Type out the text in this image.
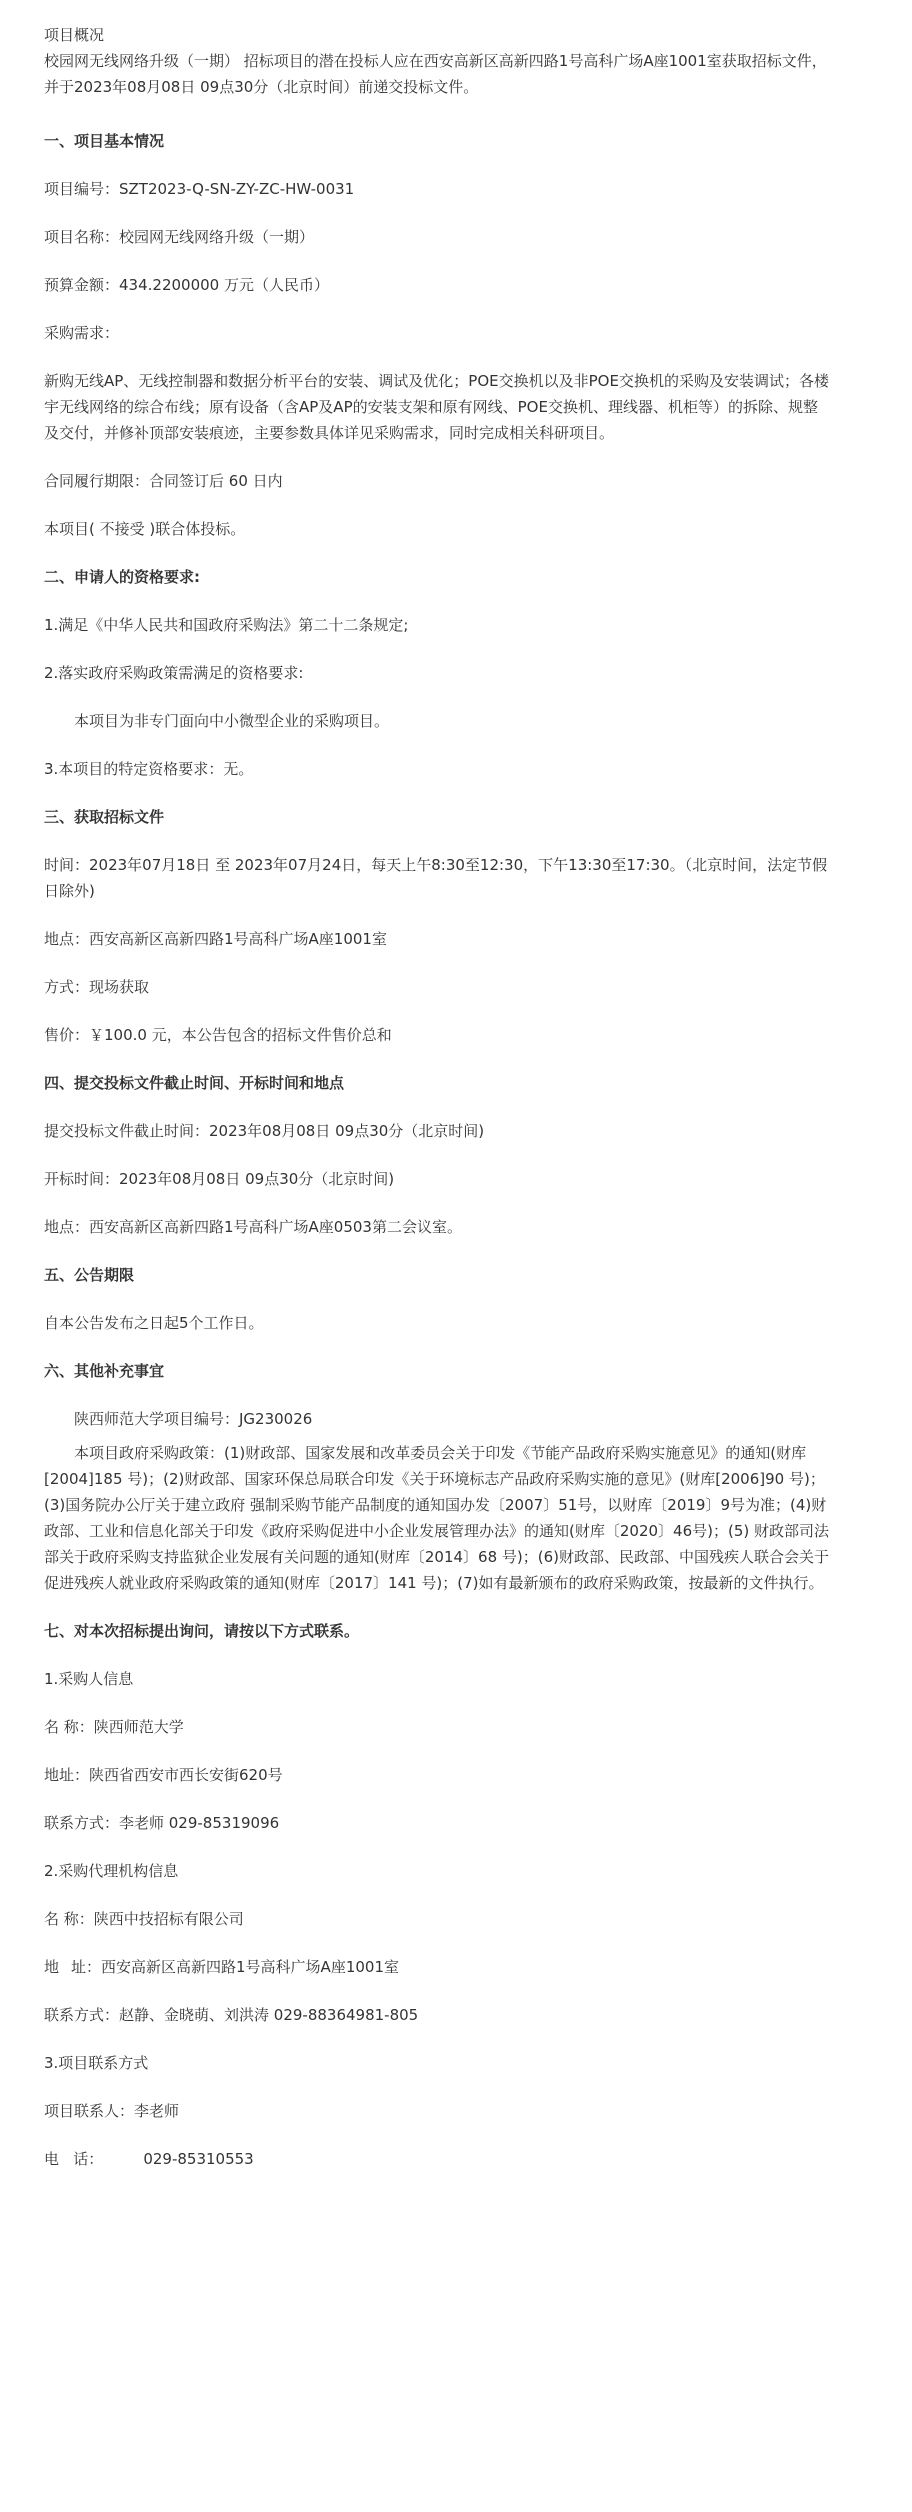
项目概况

校园网无线网络升级（一期） 招标项目的潜在投标人应在西安高新区高新四路1号高科广场A座1001室获取招标文件，并于2023年08月08日 09点30分（北京时间）前递交投标文件。

一、项目基本情况

项目编号：SZT2023-Q-SN-ZY-ZC-HW-0031

项目名称：校园网无线网络升级（一期）

预算金额：434.2200000 万元（人民币）

采购需求：

新购无线AP、无线控制器和数据分析平台的安装、调试及优化；POE交换机以及非POE交换机的采购及安装调试；各楼宇无线网络的综合布线；原有设备（含AP及AP的安装支架和原有网线、POE交换机、理线器、机柜等）的拆除、规整及交付，并修补顶部安装痕迹，主要参数具体详见采购需求，同时完成相关科研项目。

合同履行期限：合同签订后 60 日内

本项目( 不接受 )联合体投标。

二、申请人的资格要求:

1.满足《中华人民共和国政府采购法》第二十二条规定;

2.落实政府采购政策需满足的资格要求:

本项目为非专门面向中小微型企业的采购项目。

3.本项目的特定资格要求：无。

三、获取招标文件

时间：2023年07月18日 至 2023年07月24日，每天上午8:30至12:30，下午13:30至17:30。（北京时间，法定节假日除外)

地点：西安高新区高新四路1号高科广场A座1001室

方式：现场获取

售价：￥100.0 元，本公告包含的招标文件售价总和

四、提交投标文件截止时间、开标时间和地点

提交投标文件截止时间：2023年08月08日 09点30分（北京时间)

开标时间：2023年08月08日 09点30分（北京时间)

地点：西安高新区高新四路1号高科广场A座0503第二会议室。

五、公告期限

自本公告发布之日起5个工作日。

六、其他补充事宜

陕西师范大学项目编号：JG230026

本项目政府采购政策：(1)财政部、国家发展和改革委员会关于印发《节能产品政府采购实施意见》的通知(财库[2004]185 号)；(2)财政部、国家环保总局联合印发《关于环境标志产品政府采购实施的意见》(财库[2006]90 号)；(3)国务院办公厅关于建立政府 强制采购节能产品制度的通知国办发〔2007〕51号，以财库〔2019〕9号为准；(4)财政部、工业和信息化部关于印发《政府采购促进中小企业发展管理办法》的通知(财库〔2020〕46号)；(5) 财政部司法部关于政府采购支持监狱企业发展有关问题的通知(财库〔2014〕68 号)；(6)财政部、民政部、中国残疾人联合会关于促进残疾人就业政府采购政策的通知(财库〔2017〕141 号)；(7)如有最新颁布的政府采购政策，按最新的文件执行。

七、对本次招标提出询问，请按以下方式联系。

1.采购人信息

名 称：陕西师范大学

地址：陕西省西安市西长安街620号

联系方式：李老师 029-85319096

2.采购代理机构信息

名 称：陕西中技招标有限公司

地 址：西安高新区高新四路1号高科广场A座1001室

联系方式：赵静、金晓萌、刘洪涛 029-88364981-805

3.项目联系方式

项目联系人：李老师

电   话：	029-85310553
